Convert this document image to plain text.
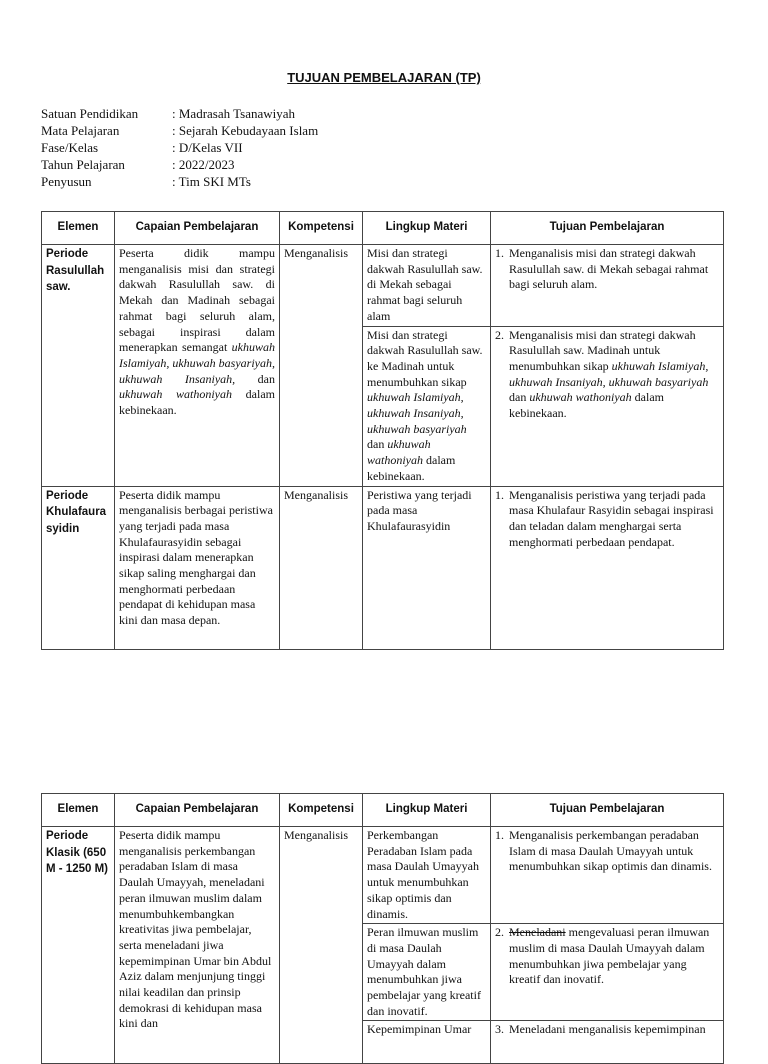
TUJUAN PEMBELAJARAN (TP)
Satuan Pendidikan	: Madrasah Tsanawiyah
Mata Pelajaran	: Sejarah Kebudayaan Islam
Fase/Kelas	: D/Kelas VII
Tahun Pelajaran	: 2022/2023
Penyusun	: Tim SKI MTs
Elemen	Capaian Pembelajaran	Kompetensi	Lingkup Materi	Tujuan Pembelajaran
Periode Rasulullah saw.	Peserta didik mampu menganalisis misi dan strategi dakwah Rasulullah saw. di Mekah dan Madinah sebagai rahmat bagi seluruh alam, sebagai inspirasi dalam menerapkan semangat ukhuwah Islamiyah, ukhuwah basyariyah, ukhuwah Insaniyah, dan ukhuwah wathoniyah dalam kebinekaan.	Menganalisis	Misi dan strategi dakwah Rasulullah saw. di Mekah sebagai rahmat bagi seluruh alam	1. Menganalisis misi dan strategi dakwah Rasulullah saw. di Mekah sebagai rahmat bagi seluruh alam.

			Misi dan strategi dakwah Rasulullah saw. ke Madinah untuk menumbuhkan sikap ukhuwah Islamiyah, ukhuwah Insaniyah, ukhuwah basyariyah dan ukhuwah wathoniyah dalam kebinekaan.	2. Menganalisis misi dan strategi dakwah Rasulullah saw. Madinah untuk menumbuhkan sikap ukhuwah Islamiyah, ukhuwah Insaniyah, ukhuwah basyariyah dan ukhuwah wathoniyah dalam kebinekaan.

Periode Khulafaura syidin	Peserta didik mampu menganalisis berbagai peristiwa yang terjadi pada masa Khulafaurasyidin sebagai inspirasi dalam menerapkan sikap saling menghargai dan menghormati perbedaan pendapat di kehidupan masa kini dan masa depan.	Menganalisis	Peristiwa yang terjadi pada masa Khulafaurasyidin	1. Menganalisis peristiwa yang terjadi pada masa Khulafaur Rasyidin sebagai inspirasi dan teladan dalam menghargai serta menghormati perbedaan pendapat.
Elemen	Capaian Pembelajaran	Kompetensi	Lingkup Materi	Tujuan Pembelajaran
Periode Klasik (650 M - 1250 M)	Peserta didik mampu menganalisis perkembangan peradaban Islam di masa Daulah Umayyah, meneladani peran ilmuwan muslim dalam menumbuhkembangkan kreativitas jiwa pembelajar, serta meneladani jiwa kepemimpinan Umar bin Abdul Aziz dalam menjunjung tinggi nilai keadilan dan prinsip demokrasi di kehidupan masa kini dan	Menganalisis	Perkembangan Peradaban Islam pada masa Daulah Umayyah untuk menumbuhkan sikap optimis dan dinamis.	1. Menganalisis perkembangan peradaban Islam di masa Daulah Umayyah untuk menumbuhkan sikap optimis dan dinamis.

			Peran ilmuwan muslim di masa Daulah Umayyah dalam menumbuhkan jiwa pembelajar yang kreatif dan inovatif.	2. Meneladani mengevaluasi peran ilmuwan muslim di masa Daulah Umayyah dalam menumbuhkan jiwa pembelajar yang kreatif dan inovatif.

			Kepemimpinan Umar	3. Meneladani menganalisis kepemimpinan
